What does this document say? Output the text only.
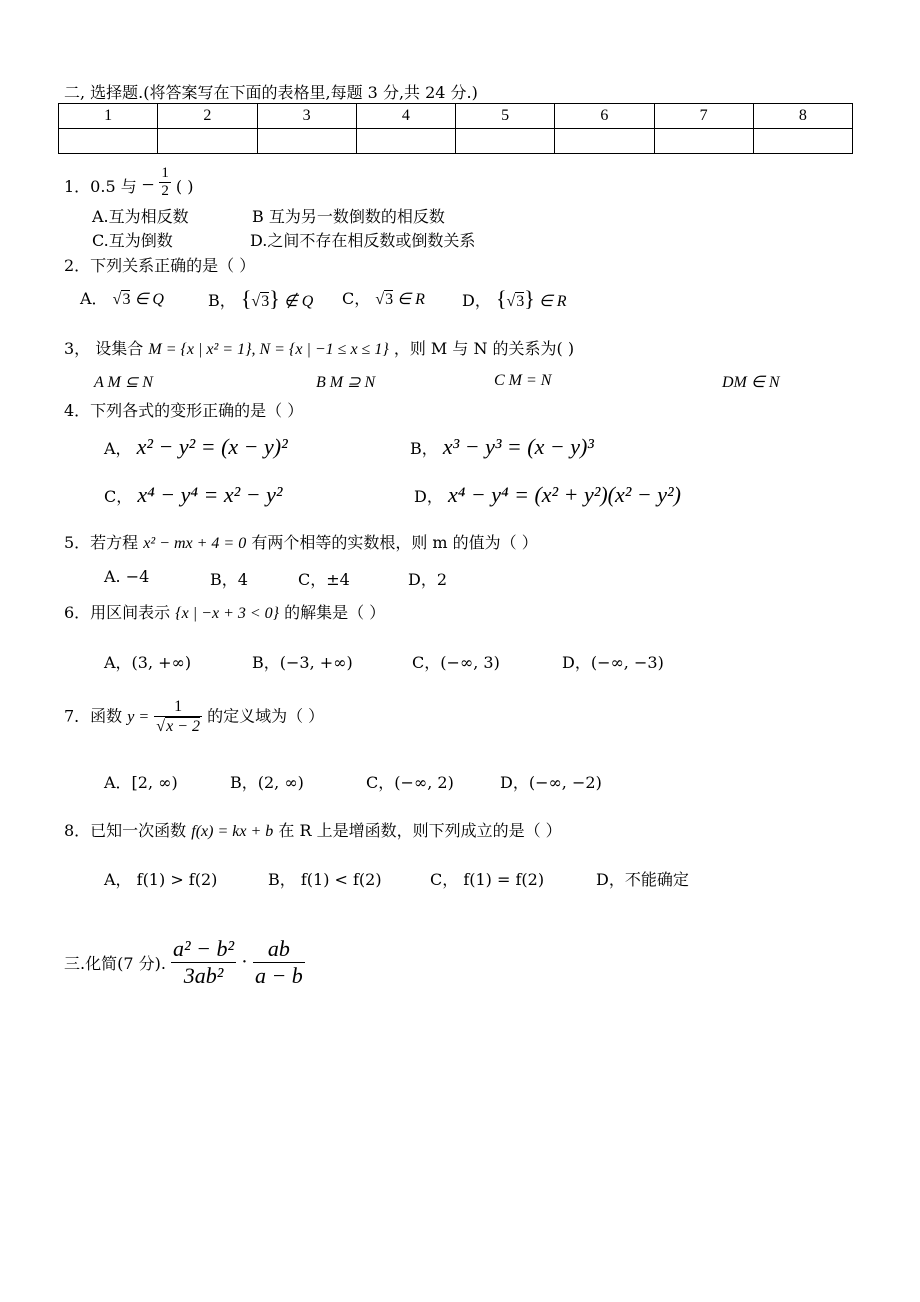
二, 选择题.(将答案写在下面的表格里,每题 3 分,共 24 分.)
1	2	3	4	5	6	7	8

1．0.5 与 − $\frac{1}{2}$ ( )
A.互为相反数	B 互为另一数倒数的相反数
C.互为倒数	D.之间不存在相反数或倒数关系
2．下列关系正确的是（ ）
A． √3 ∈ Q	B， {√3} ∉ Q C， √3 ∈ R D， {√3} ∈ R
3， 设集合 M = {x | x² = 1}, N = {x | −1 ≤ x ≤ 1} ，则 M 与 N 的关系为( )
A M ⊆ N	B M ⊇ N	C M = N	DM ∈ N
4．下列各式的变形正确的是（ ）
A， x² − y² = (x − y)²	B， x³ − y³ = (x − y)³
C， x⁴ − y⁴ = x² − y²	D， x⁴ − y⁴ = (x² + y²)(x² − y²)
5．若方程 x² − mx + 4 = 0 有两个相等的实数根，则 m 的值为（ ）
A. −4	B，4	C，±4	D，2
6．用区间表示 {x | −x + 3 < 0} 的解集是（ ）
A，(3, +∞)	B，(−3, +∞)	C，(−∞, 3)	D，(−∞, −3)
7．函数 $y = \frac{1}{√x - 2}$ 的定义域为（ ）
A．[2, ∞)	B，(2, ∞)	C，(−∞, 2)	D，(−∞, −2)
8．已知一次函数 f(x) = kx + b 在 R 上是增函数，则下列成立的是（ ）
A， f(1) > f(2)	B， f(1) < f(2)	C， f(1) = f(2)	D，不能确定
三.化简(7 分). $\frac{\text{a² − b²}}{\text{3ab²}} \cdot \frac{ab}{a - b}$
